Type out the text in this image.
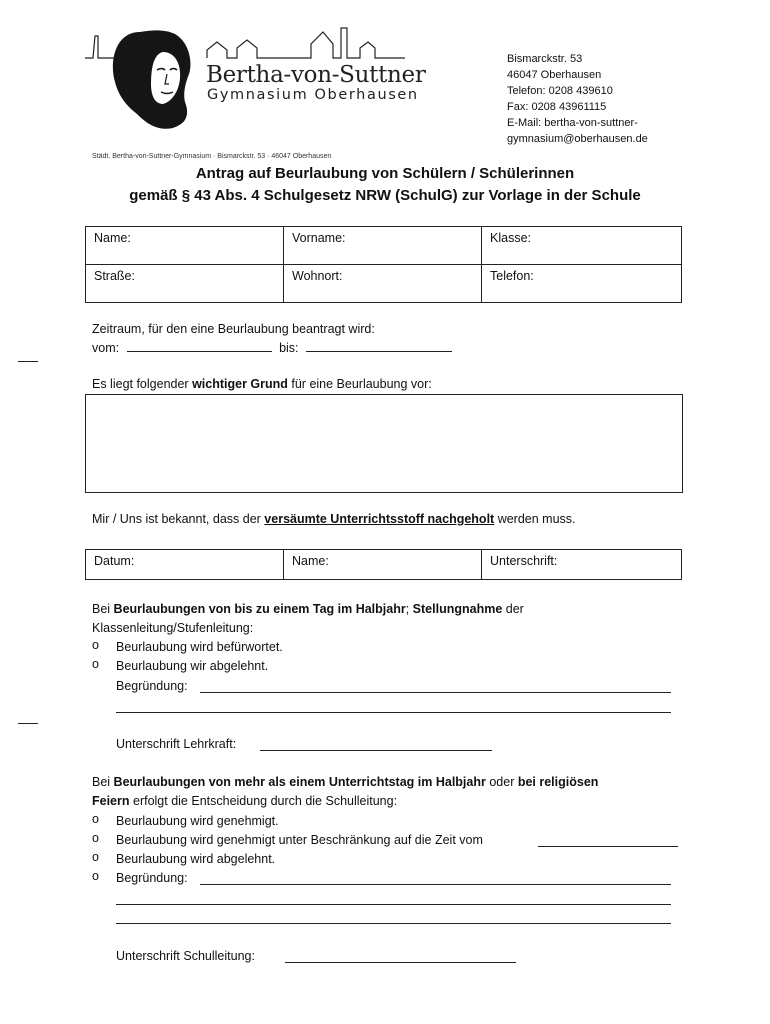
Bertha-von-Suttner
Gymnasium Oberhausen
Bismarckstr. 53
46047 Oberhausen
Telefon: 0208 439610
Fax: 0208 43961115
E-Mail: bertha-von-suttner-
gymnasium@oberhausen.de
Städt. Bertha-von-Suttner-Gymnasium · Bismarckstr. 53 · 46047 Oberhausen
Antrag auf Beurlaubung von Schülern / Schülerinnen
gemäß § 43 Abs. 4 Schulgesetz NRW (SchulG) zur Vorlage in der Schule
Name:	Vorname:	Klasse:
Straße:	Wohnort:	Telefon:
Zeitraum, für den eine Beurlaubung beantragt wird:
vom:	bis:
Es liegt folgender wichtiger Grund für eine Beurlaubung vor:
Mir / Uns ist bekannt, dass der versäumte Unterrichtsstoff nachgeholt werden muss.
Datum:	Name:	Unterschrift:
Bei Beurlaubungen von bis zu einem Tag im Halbjahr; Stellungnahme der
Klassenleitung/Stufenleitung:
o Beurlaubung wird befürwortet.
o Beurlaubung wir abgelehnt.
Begründung:
Unterschrift Lehrkraft:
Bei Beurlaubungen von mehr als einem Unterrichtstag im Halbjahr oder bei religiösen
Feiern erfolgt die Entscheidung durch die Schulleitung:
o Beurlaubung wird genehmigt.
o Beurlaubung wird genehmigt unter Beschränkung auf die Zeit vom
o Beurlaubung wird abgelehnt.
o Begründung:
Unterschrift Schulleitung:
